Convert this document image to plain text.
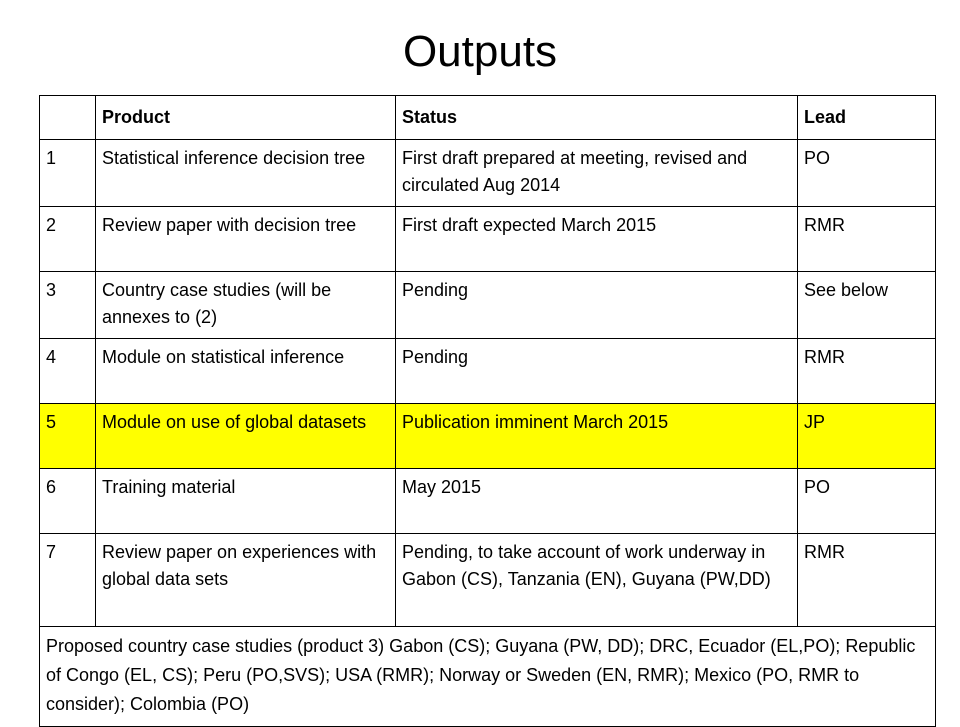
Outputs
	Product	Status	Lead
1	Statistical inference decision tree	First draft prepared at meeting, revised and circulated Aug 2014	PO
2	Review paper with decision tree	First draft expected March 2015	RMR
3	Country case studies (will be annexes to (2)	Pending	See below
4	Module on statistical inference	Pending	RMR
5	Module on use of global datasets	Publication imminent March 2015	JP
6	Training material	May 2015	PO
7	Review paper on experiences with global data sets	Pending, to take account of work underway in Gabon (CS), Tanzania (EN), Guyana (PW,DD)	RMR
Proposed country case studies (product 3) Gabon (CS); Guyana (PW, DD); DRC, Ecuador (EL,PO); Republic of Congo (EL, CS); Peru (PO,SVS); USA (RMR); Norway or Sweden (EN, RMR); Mexico (PO, RMR to consider); Colombia (PO)			
